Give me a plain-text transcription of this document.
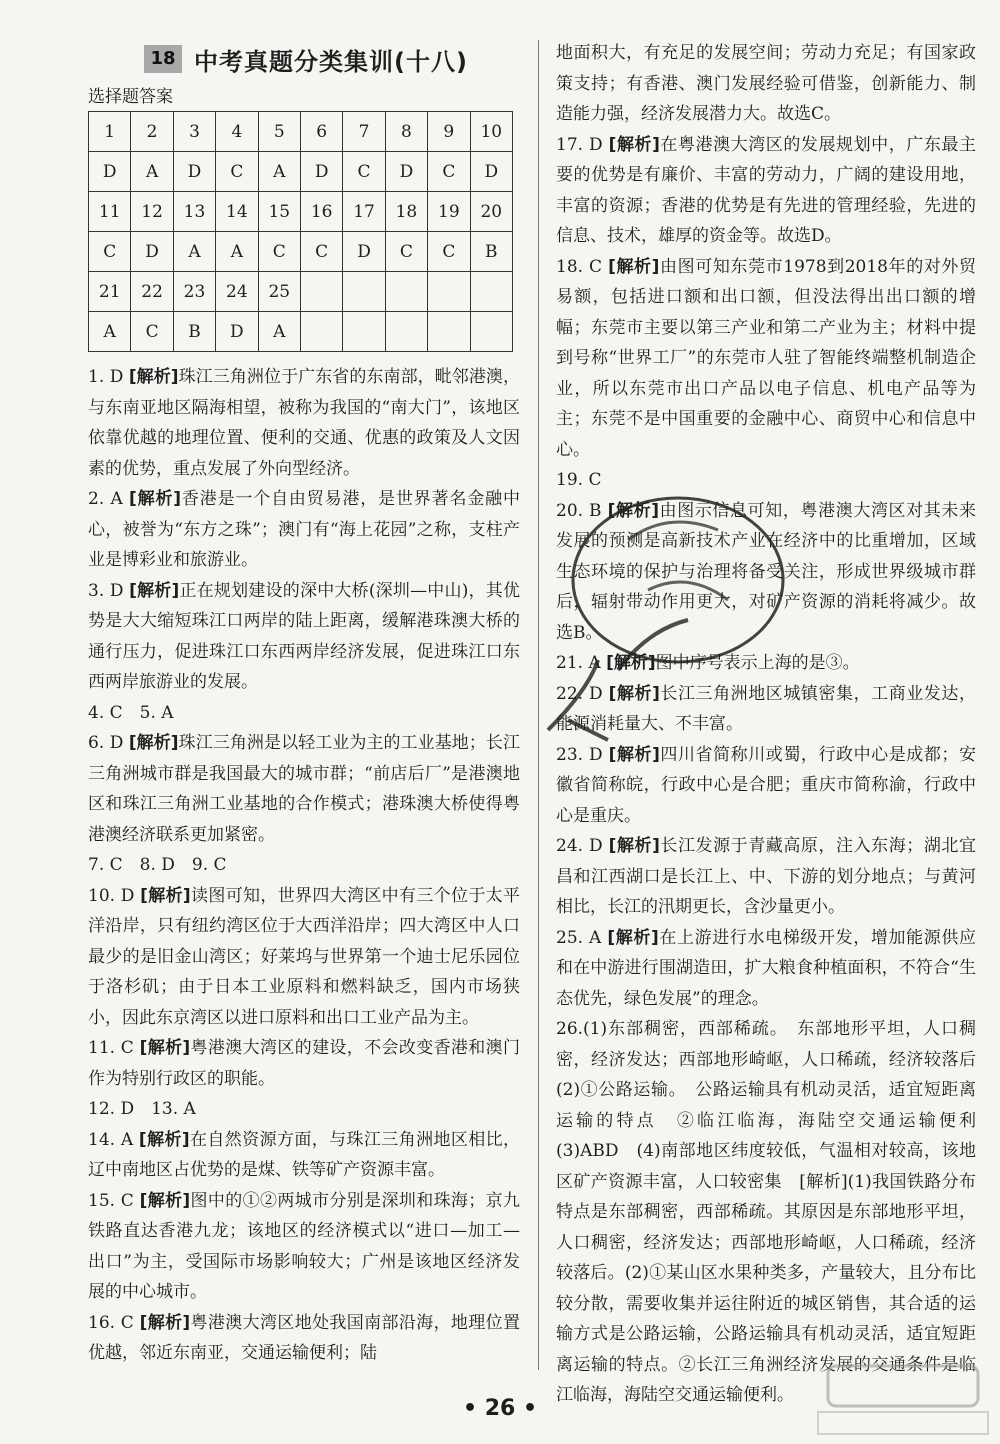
18 中考真题分类集训(十八)
选择题答案
1	2	3	4	5	6	7	8	9	10
D	A	D	C	A	D	C	D	C	D
11	12	13	14	15	16	17	18	19	20
C	D	A	A	C	C	D	C	C	B
21	22	23	24	25					
A	C	B	D	A					
1. D [解析]珠江三角洲位于广东省的东南部，毗邻港澳，与东南亚地区隔海相望，被称为我国的“南大门”，该地区依靠优越的地理位置、便利的交通、优惠的政策及人文因素的优势，重点发展了外向型经济。
2. A [解析]香港是一个自由贸易港，是世界著名金融中心，被誉为“东方之珠”；澳门有“海上花园”之称，支柱产业是博彩业和旅游业。
3. D [解析]正在规划建设的深中大桥(深圳—中山)，其优势是大大缩短珠江口两岸的陆上距离，缓解港珠澳大桥的通行压力，促进珠江口东西两岸经济发展，促进珠江口东西两岸旅游业的发展。
4. C　5. A
6. D [解析]珠江三角洲是以轻工业为主的工业基地；长江三角洲城市群是我国最大的城市群；“前店后厂”是港澳地区和珠江三角洲工业基地的合作模式；港珠澳大桥使得粤港澳经济联系更加紧密。
7. C　8. D　9. C
10. D [解析]读图可知，世界四大湾区中有三个位于太平洋沿岸，只有纽约湾区位于大西洋沿岸；四大湾区中人口最少的是旧金山湾区；好莱坞与世界第一个迪士尼乐园位于洛杉矶；由于日本工业原料和燃料缺乏，国内市场狭小，因此东京湾区以进口原料和出口工业产品为主。
11. C [解析]粤港澳大湾区的建设，不会改变香港和澳门作为特别行政区的职能。
12. D　13. A
14. A [解析]在自然资源方面，与珠江三角洲地区相比，辽中南地区占优势的是煤、铁等矿产资源丰富。
15. C [解析]图中的①②两城市分别是深圳和珠海；京九铁路直达香港九龙；该地区的经济模式以“进口—加工—出口”为主，受国际市场影响较大；广州是该地区经济发展的中心城市。
16. C [解析]粤港澳大湾区地处我国南部沿海，地理位置优越，邻近东南亚，交通运输便利；陆
地面积大，有充足的发展空间；劳动力充足；有国家政策支持；有香港、澳门发展经验可借鉴，创新能力、制造能力强，经济发展潜力大。故选C。
17. D [解析]在粤港澳大湾区的发展规划中，广东最主要的优势是有廉价、丰富的劳动力，广阔的建设用地，丰富的资源；香港的优势是有先进的管理经验，先进的信息、技术，雄厚的资金等。故选D。
18. C [解析]由图可知东莞市1978到2018年的对外贸易额，包括进口额和出口额，但没法得出出口额的增幅；东莞市主要以第三产业和第二产业为主；材料中提到号称“世界工厂”的东莞市人驻了智能终端整机制造企业，所以东莞市出口产品以电子信息、机电产品等为主；东莞不是中国重要的金融中心、商贸中心和信息中心。
19. C
20. B [解析]由图示信息可知，粤港澳大湾区对其未来发展的预测是高新技术产业在经济中的比重增加，区域生态环境的保护与治理将备受关注，形成世界级城市群后，辐射带动作用更大，对矿产资源的消耗将减少。故选B。
21. A [解析]图中序号表示上海的是③。
22. D [解析]长江三角洲地区城镇密集，工商业发达，能源消耗量大、不丰富。
23. D [解析]四川省简称川或蜀，行政中心是成都；安徽省简称皖，行政中心是合肥；重庆市简称渝，行政中心是重庆。
24. D [解析]长江发源于青藏高原，注入东海；湖北宜昌和江西湖口是长江上、中、下游的划分地点；与黄河相比，长江的汛期更长，含沙量更小。
25. A [解析]在上游进行水电梯级开发，增加能源供应和在中游进行围湖造田，扩大粮食种植面积，不符合“生态优先，绿色发展”的理念。
26.(1)东部稠密，西部稀疏。　东部地形平坦，人口稠密，经济发达；西部地形崎岖，人口稀疏，经济较落后　(2)①公路运输。　公路运输具有机动灵活，适宜短距离运输的特点　②临江临海，海陆空交通运输便利　(3)ABD　(4)南部地区纬度较低，气温相对较高，该地区矿产资源丰富，人口较密集　[解析](1)我国铁路分布特点是东部稠密，西部稀疏。其原因是东部地形平坦，人口稠密，经济发达；西部地形崎岖，人口稀疏，经济较落后。(2)①某山区水果种类多，产量较大，且分布比较分散，需要收集并运往附近的城区销售，其合适的运输方式是公路运输，公路运输具有机动灵活，适宜短距离运输的特点。②长江三角洲经济发展的交通条件是临江临海，海陆空交通运输便利。
• 26 •
